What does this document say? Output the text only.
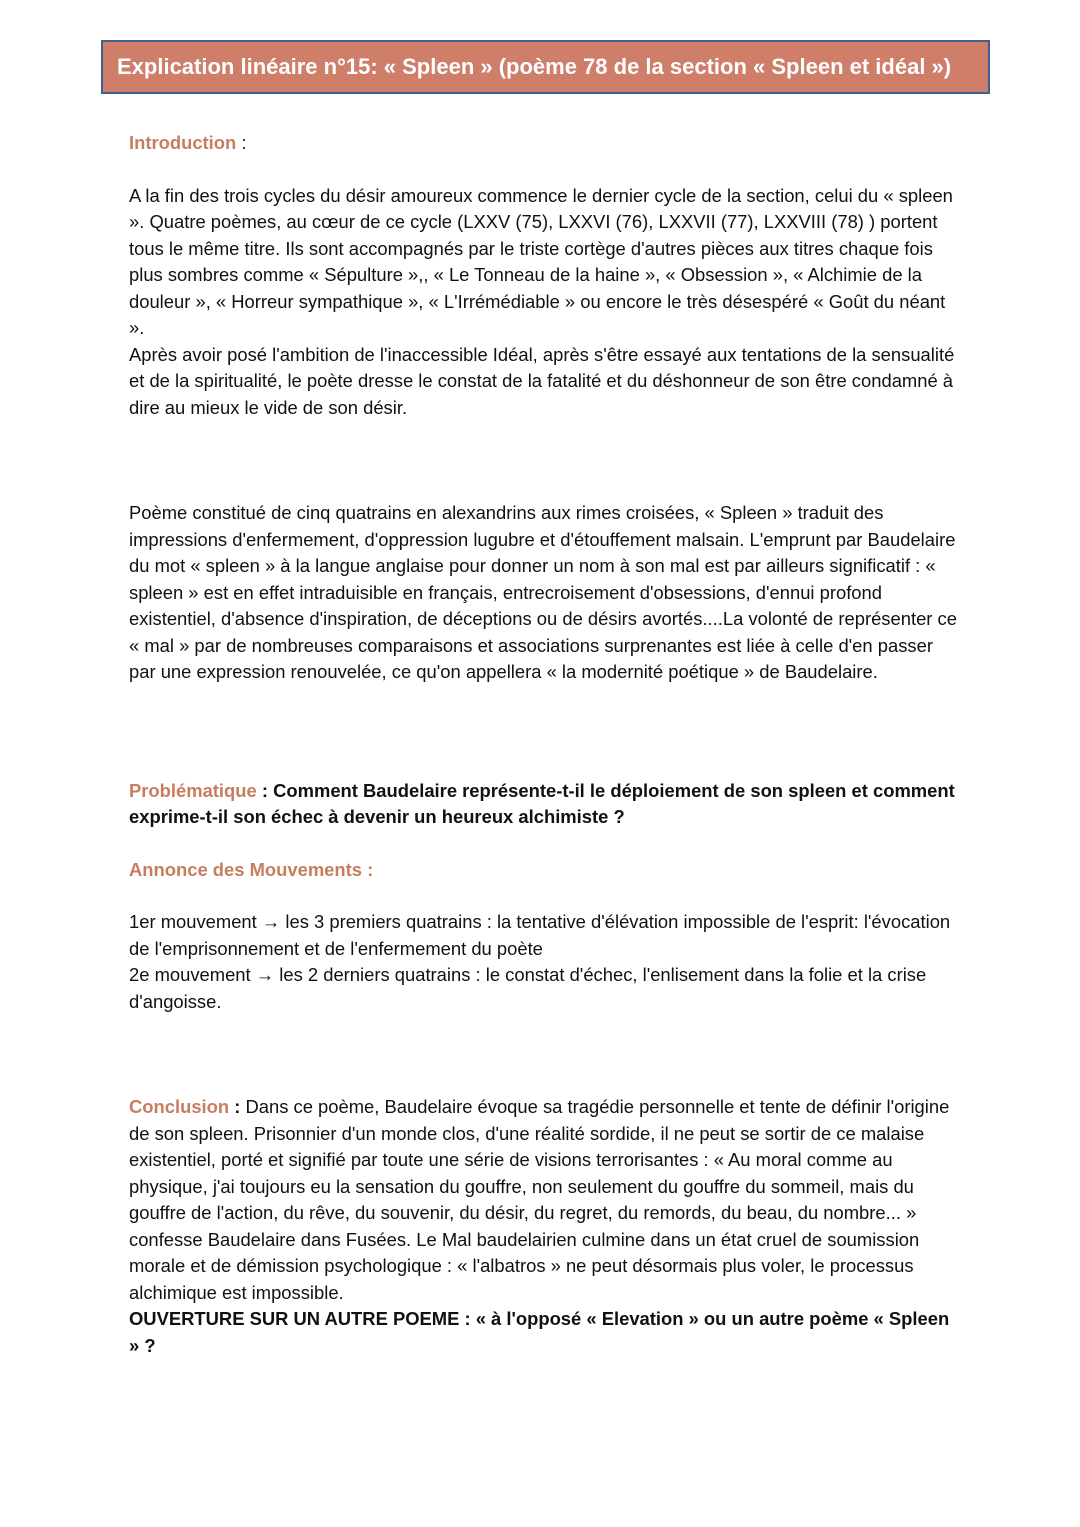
Explication linéaire n°15: « Spleen » (poème 78 de la section « Spleen et idéal »)

Introduction :

A la fin des trois cycles du désir amoureux commence le dernier cycle de la section, celui du « spleen ». Quatre poèmes, au cœur de ce cycle (LXXV (75), LXXVI (76), LXXVII (77), LXXVIII (78) ) portent tous le même titre. Ils sont accompagnés par le triste cortège d'autres pièces aux titres chaque fois plus sombres comme « Sépulture »,, « Le Tonneau de la haine », « Obsession », « Alchimie de la douleur », « Horreur sympathique », « L'Irrémédiable » ou encore le très désespéré « Goût du néant ».

Après avoir posé l'ambition de l'inaccessible Idéal, après s'être essayé aux tentations de la sensualité et de la spiritualité, le poète dresse le constat de la fatalité et du déshonneur de son être condamné à dire au mieux le vide de son désir.

Poème constitué de cinq quatrains en alexandrins aux rimes croisées, « Spleen » traduit des impressions d'enfermement, d'oppression lugubre et d'étouffement malsain. L'emprunt par Baudelaire du mot « spleen » à la langue anglaise pour donner un nom à son mal est par ailleurs significatif : « spleen » est en effet intraduisible en français, entrecroisement d'obsessions, d'ennui profond existentiel, d'absence d'inspiration, de déceptions ou de désirs avortés....La volonté de représenter ce « mal » par de nombreuses comparaisons et associations surprenantes est liée à celle d'en passer par une expression renouvelée, ce qu'on appellera « la modernité poétique » de Baudelaire.

Problématique : Comment Baudelaire représente-t-il le déploiement de son spleen et comment exprime-t-il son échec à devenir un heureux alchimiste ?

Annonce des Mouvements :

1er mouvement → les 3 premiers quatrains : la tentative d'élévation impossible de l'esprit: l'évocation de l'emprisonnement et de l'enfermement du poète

2e mouvement → les 2 derniers quatrains : le constat d'échec, l'enlisement dans la folie et la crise d'angoisse.

Conclusion : Dans ce poème, Baudelaire évoque sa tragédie personnelle et tente de définir l'origine de son spleen. Prisonnier d'un monde clos, d'une réalité sordide, il ne peut se sortir de ce malaise existentiel, porté et signifié par toute une série de visions terrorisantes : « Au moral comme au physique, j'ai toujours eu la sensation du gouffre, non seulement du gouffre du sommeil, mais du gouffre de l'action, du rêve, du souvenir, du désir, du regret, du remords, du beau, du nombre... » confesse Baudelaire dans Fusées. Le Mal baudelairien culmine dans un état cruel de soumission morale et de démission psychologique : « l'albatros » ne peut désormais plus voler, le processus alchimique est impossible.

OUVERTURE SUR UN AUTRE POEME : « à l'opposé « Elevation » ou un autre poème « Spleen » ?
